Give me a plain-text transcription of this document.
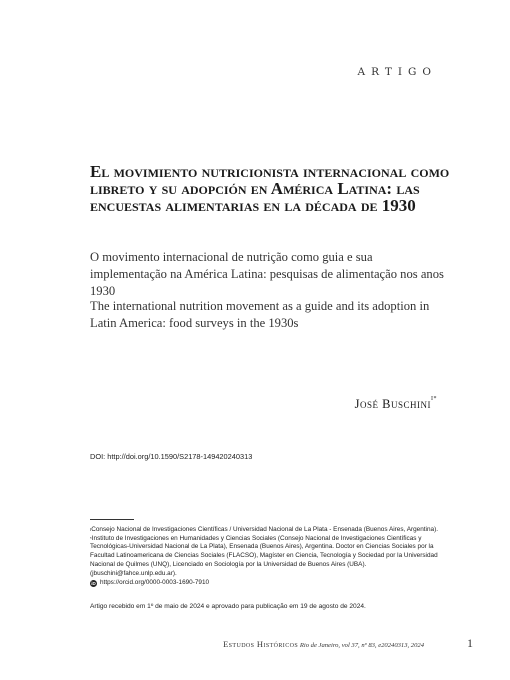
ARTIGO
El movimiento nutricionista internacional como libreto y su adopción en América Latina: las encuestas alimentarias en la década de 1930
O movimento internacional de nutrição como guia e sua implementação na América Latina: pesquisas de alimentação nos anos 1930
The international nutrition movement as a guide and its adoption in Latin America: food surveys in the 1930s
José Buschini$^{I*}$
DOI: http://doi.org/10.1590/S2178-149420240313

$^I$Consejo Nacional de Investigaciones Científicas / Universidad Nacional de La Plata - Ensenada (Buenos Aires, Argentina).

*Instituto de Investigaciones en Humanidades y Ciencias Sociales (Consejo Nacional de Investigaciones Científicas y Tecnológicas-Universidad Nacional de La Plata), Ensenada (Buenos Aires), Argentina. Doctor en Ciencias Sociales por la Facultad Latinoamericana de Ciencias Sociales (FLACSO), Magíster en Ciencia, Tecnología y Sociedad por la Universidad Nacional de Quilmes (UNQ), Licenciado en Sociología por la Universidad de Buenos Aires (UBA). (jbuschini@fahce.unlp.edu.ar).

iD https://orcid.org/0000-0003-1690-7910
Artigo recebido em 1º de maio de 2024 e aprovado para publicação em 19 de agosto de 2024.
Estudos Históricos Rio de Janeiro, vol 37, nº 83, e20240313, 2024	1
